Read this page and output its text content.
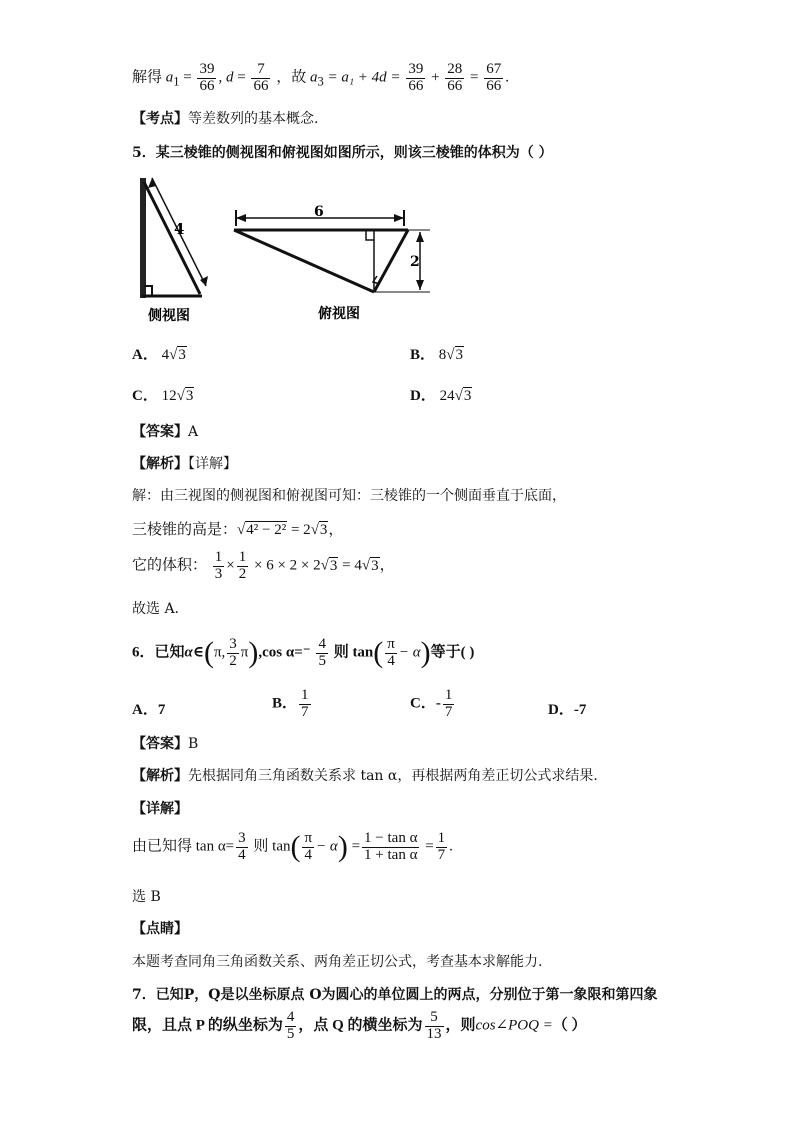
解得 $a_1 = \frac{39}{66}$ , $d = \frac{7}{66}$ ，故 $a_3 = a_1 + 4d = \frac{39}{66} + \frac{28}{66} = \frac{67}{66}$ .
【考点】等差数列的基本概念.
5．某三棱锥的侧视图和俯视图如图所示，则该三棱锥的体积为（ ）
4
侧视图
6
2
俯视图
A． 4√3	B． 8√3
C． 12√3	D． 24√3
【答案】A
【解析】【详解】
解：由三视图的侧视图和俯视图可知：三棱锥的一个侧面垂直于底面，
三棱锥的高是：√4² − 2² = 2√3，
它的体积： $\frac{1}{3} \times \frac{1}{2} \times 6 \times 2 \times 2√3 = 4√3$，
故选 A.
6．已知α∈(π, $\frac{3}{2} \pi),\cos$ $\alpha=^- \frac{4}{5}$ 则 $\tan( \frac{\pi}{4} - \alpha)$等于( )
A．7	B． $\frac{1}{7}$	C．- $\frac{1}{7}$	D．-7
【答案】B
【解析】先根据同角三角函数关系求 tan α，再根据两角差正切公式求结果.
【详解】
由已知得 $\tan \alpha= \frac{3}{4}$ 则 $\tan( \frac{\pi}{4} - \alpha) = \frac{\text{1 − tan α}}{\text{1 + tan α}} = \frac{1}{7}$ .
选 B
【点睛】
本题考查同角三角函数关系、两角差正切公式，考查基本求解能力.
7．已知P，Q是以坐标原点 O为圆心的单位圆上的两点，分别位于第一象限和第四象
限，且点 P 的纵坐标为 $\frac{4}{5}$ ，点 Q 的横坐标为 $\frac{5}{13}$ ，则cos∠POQ =（ ）
